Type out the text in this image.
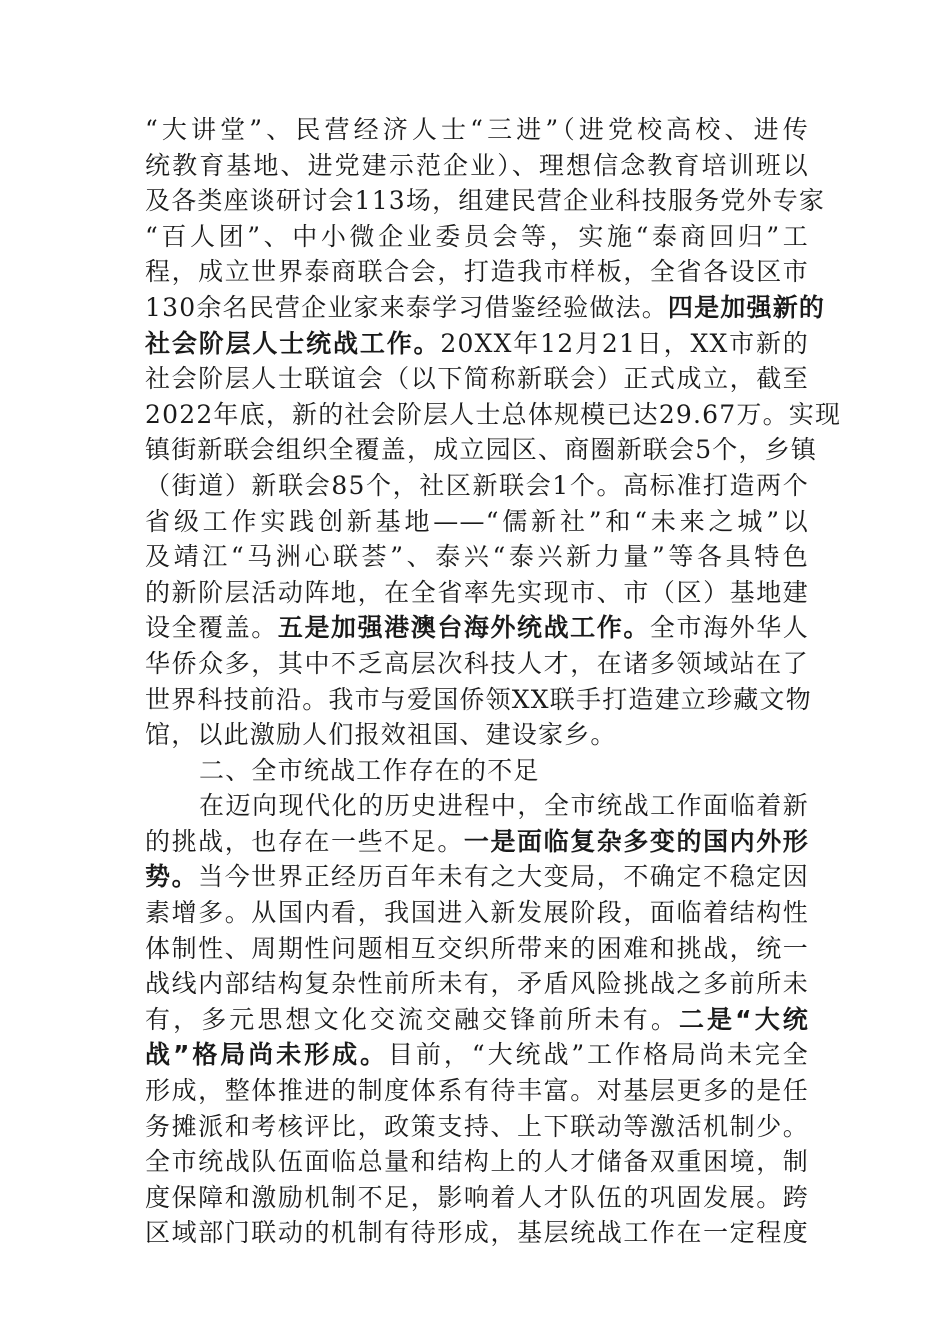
“大讲堂”、民营经济人士“三进”（进党校高校、进传
统教育基地、进党建示范企业）、理想信念教育培训班以
及各类座谈研讨会113场，组建民营企业科技服务党外专家
“百人团”、中小微企业委员会等，实施“泰商回归”工
程，成立世界泰商联合会，打造我市样板，全省各设区市
130余名民营企业家来泰学习借鉴经验做法。四是加强新的
社会阶层人士统战工作。20XX年12月21日，XX市新的
社会阶层人士联谊会（以下简称新联会）正式成立，截至
2022年底，新的社会阶层人士总体规模已达29.67万。实现
镇街新联会组织全覆盖，成立园区、商圈新联会5个，乡镇
（街道）新联会85个，社区新联会1个。高标准打造两个
省级工作实践创新基地——“儒新社”和“未来之城”以
及靖江“马洲心联荟”、泰兴“泰兴新力量”等各具特色
的新阶层活动阵地，在全省率先实现市、市（区）基地建
设全覆盖。五是加强港澳台海外统战工作。全市海外华人
华侨众多，其中不乏高层次科技人才，在诸多领域站在了
世界科技前沿。我市与爱国侨领XX联手打造建立珍藏文物
馆，以此激励人们报效祖国、建设家乡。
二、全市统战工作存在的不足
在迈向现代化的历史进程中，全市统战工作面临着新
的挑战，也存在一些不足。一是面临复杂多变的国内外形
势。当今世界正经历百年未有之大变局，不确定不稳定因
素增多。从国内看，我国进入新发展阶段，面临着结构性
体制性、周期性问题相互交织所带来的困难和挑战，统一
战线内部结构复杂性前所未有，矛盾风险挑战之多前所未
有，多元思想文化交流交融交锋前所未有。二是“大统
战”格局尚未形成。目前，“大统战”工作格局尚未完全
形成，整体推进的制度体系有待丰富。对基层更多的是任
务摊派和考核评比，政策支持、上下联动等激活机制少。
全市统战队伍面临总量和结构上的人才储备双重困境，制
度保障和激励机制不足，影响着人才队伍的巩固发展。跨
区域部门联动的机制有待形成，基层统战工作在一定程度
